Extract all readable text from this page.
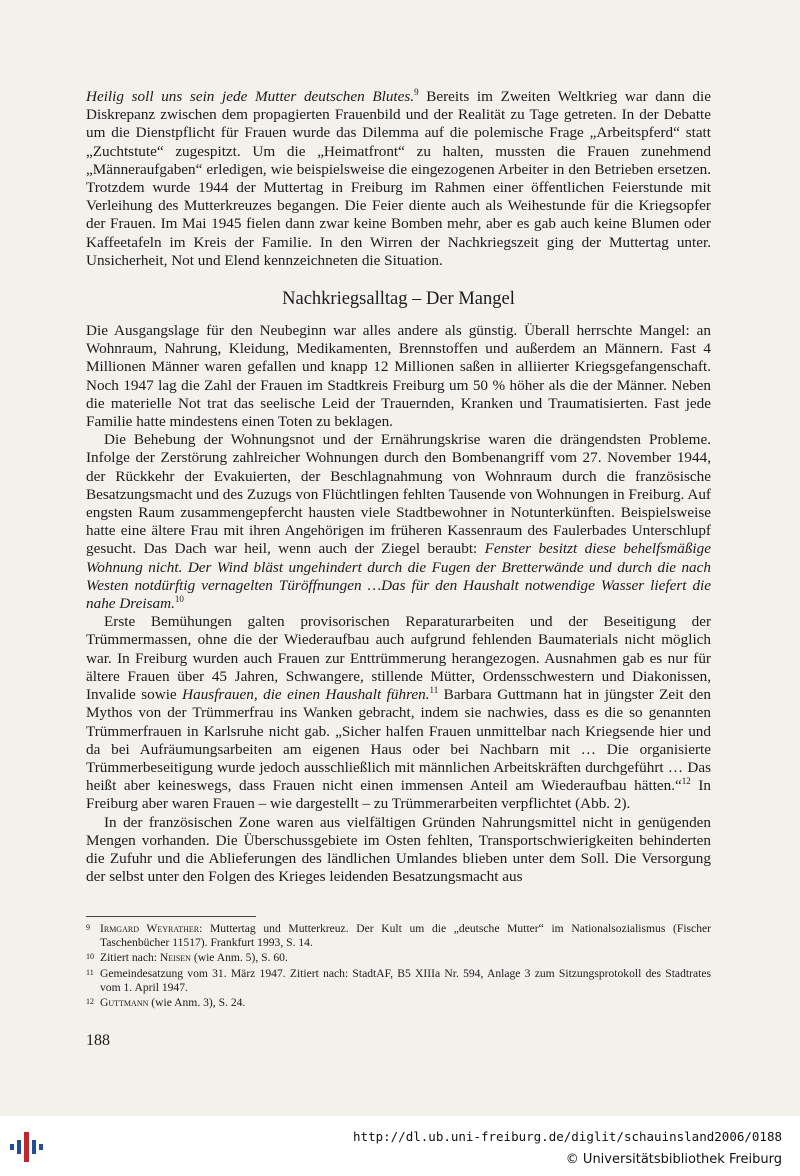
Heilig soll uns sein jede Mutter deutschen Blutes.$^9$ Bereits im Zweiten Weltkrieg war dann die Diskrepanz zwischen dem propagierten Frauenbild und der Realität zu Tage getreten. In der Debatte um die Dienstpflicht für Frauen wurde das Dilemma auf die polemische Frage „Arbeitspferd“ statt „Zuchtstute“ zugespitzt. Um die „Heimatfront“ zu halten, mussten die Frauen zunehmend „Männeraufgaben“ erledigen, wie beispielsweise die eingezogenen Arbeiter in den Betrieben ersetzen. Trotzdem wurde 1944 der Muttertag in Freiburg im Rahmen einer öffentlichen Feierstunde mit Verleihung des Mutterkreuzes begangen. Die Feier diente auch als Weihestunde für die Kriegsopfer der Frauen. Im Mai 1945 fielen dann zwar keine Bomben mehr, aber es gab auch keine Blumen oder Kaffeetafeln im Kreis der Familie. In den Wirren der Nachkriegszeit ging der Muttertag unter. Unsicherheit, Not und Elend kennzeichneten die Situation.

Nachkriegsalltag – Der Mangel

Die Ausgangslage für den Neubeginn war alles andere als günstig. Überall herrschte Mangel: an Wohnraum, Nahrung, Kleidung, Medikamenten, Brennstoffen und außerdem an Männern. Fast 4 Millionen Männer waren gefallen und knapp 12 Millionen saßen in alliierter Kriegsgefangenschaft. Noch 1947 lag die Zahl der Frauen im Stadtkreis Freiburg um 50 % höher als die der Männer. Neben die materielle Not trat das seelische Leid der Trauernden, Kranken und Traumatisierten. Fast jede Familie hatte mindestens einen Toten zu beklagen.

Die Behebung der Wohnungsnot und der Ernährungskrise waren die drängendsten Probleme. Infolge der Zerstörung zahlreicher Wohnungen durch den Bombenangriff vom 27. November 1944, der Rückkehr der Evakuierten, der Beschlagnahmung von Wohnraum durch die französische Besatzungsmacht und des Zuzugs von Flüchtlingen fehlten Tausende von Wohnungen in Freiburg. Auf engsten Raum zusammengepfercht hausten viele Stadtbewohner in Notunterkünften. Beispielsweise hatte eine ältere Frau mit ihren Angehörigen im früheren Kassenraum des Faulerbades Unterschlupf gesucht. Das Dach war heil, wenn auch der Ziegel beraubt: Fenster besitzt diese behelfsmäßige Wohnung nicht. Der Wind bläst ungehindert durch die Fugen der Bretterwände und durch die nach Westen notdürftig vernagelten Türöffnungen …Das für den Haushalt notwendige Wasser liefert die nahe Dreisam.$^{10}$

Erste Bemühungen galten provisorischen Reparaturarbeiten und der Beseitigung der Trümmermassen, ohne die der Wiederaufbau auch aufgrund fehlenden Baumaterials nicht möglich war. In Freiburg wurden auch Frauen zur Enttrümmerung herangezogen. Ausnahmen gab es nur für ältere Frauen über 45 Jahren, Schwangere, stillende Mütter, Ordensschwestern und Diakonissen, Invalide sowie Hausfrauen, die einen Haushalt führen.$^{11}$ Barbara Guttmann hat in jüngster Zeit den Mythos von der Trümmerfrau ins Wanken gebracht, indem sie nachwies, dass es die so genannten Trümmerfrauen in Karlsruhe nicht gab. „Sicher halfen Frauen unmittelbar nach Kriegsende hier und da bei Aufräumungsarbeiten am eigenen Haus oder bei Nachbarn mit … Die organisierte Trümmerbeseitigung wurde jedoch ausschließlich mit männlichen Arbeitskräften durchgeführt … Das heißt aber keineswegs, dass Frauen nicht einen immensen Anteil am Wiederaufbau hätten.“$^{12}$ In Freiburg aber waren Frauen – wie dargestellt – zu Trümmerarbeiten verpflichtet (Abb. 2).

In der französischen Zone waren aus vielfältigen Gründen Nahrungsmittel nicht in genügenden Mengen vorhanden. Die Überschussgebiete im Osten fehlten, Transportschwierigkeiten behinderten die Zufuhr und die Ablieferungen des ländlichen Umlandes blieben unter dem Soll. Die Versorgung der selbst unter den Folgen des Krieges leidenden Besatzungsmacht aus

9 Irmgard Weyrather: Muttertag und Mutterkreuz. Der Kult um die „deutsche Mutter“ im Nationalsozialismus (Fischer Taschenbücher 11517). Frankfurt 1993, S. 14.
10 Zitiert nach: Neisen (wie Anm. 5), S. 60.
11 Gemeindesatzung vom 31. März 1947. Zitiert nach: StadtAF, B5 XIIIa Nr. 594, Anlage 3 zum Sitzungsprotokoll des Stadtrates vom 1. April 1947.
12 Guttmann (wie Anm. 3), S. 24.
188
http://dl.ub.uni-freiburg.de/diglit/schauinsland2006/0188
© Universitätsbibliothek Freiburg
